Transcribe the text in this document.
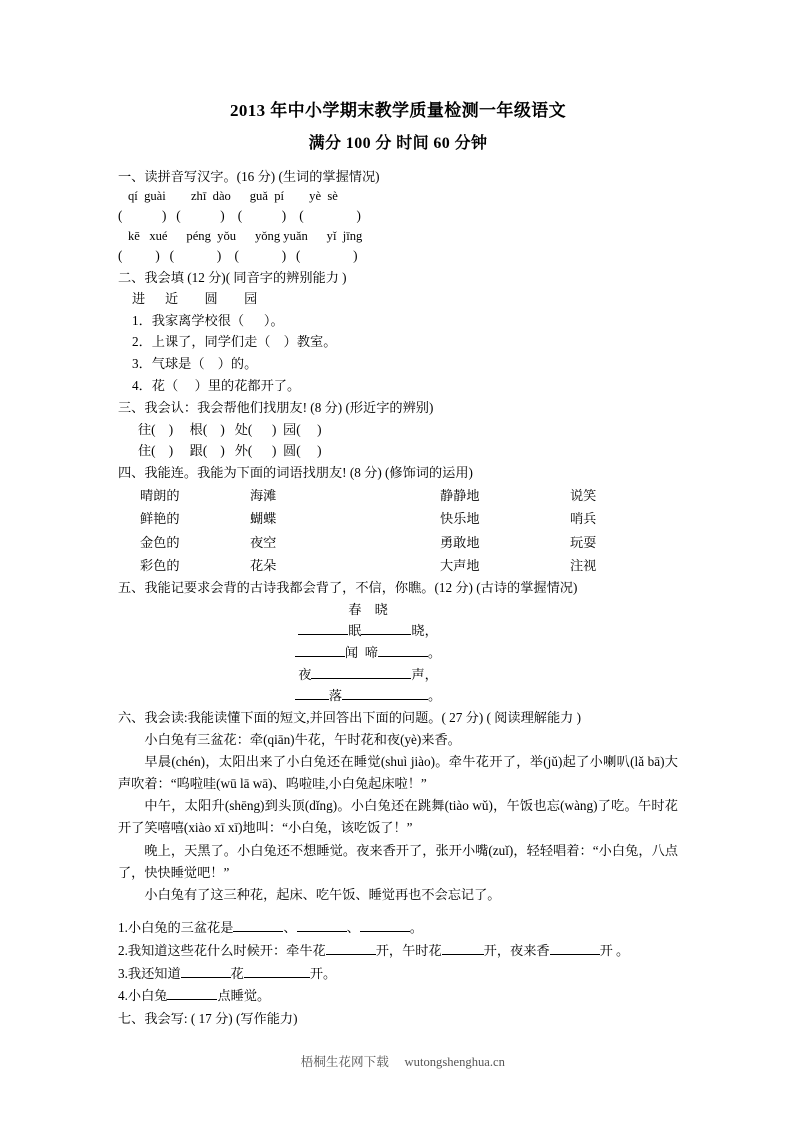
2013 年中小学期末教学质量检测一年级语文
满分 100 分 时间 60 分钟
一、读拼音写汉字。(16 分) (生词的掌握情况)
qí  guài        zhī  dào      guǎ  pí        yè  sè
(            )   (            )    (            )    (                )
kē   xué      péng  yǒu      yǒng yuǎn      yǐ  jīng
(          )   (             )    (             )   (                )
二、我会填 (12 分)( 同音字的辨别能力 )
进      近        圆        园
1．我家离学校很（      ）。
2．上课了，同学们走（    ）教室。
3．气球是（    ）的。
4．花（     ）里的花都开了。
三、我会认：我会帮他们找朋友! (8 分) (形近字的辨别)
往(    )     根(    )   处(      )  园(     )
住(    )     跟(    )   外(      )  圆(     )
四、我能连。我能为下面的词语找朋友! (8 分) (修饰词的运用)
晴朗的	海滩	静静地	说笑
鲜艳的	蝴蝶	快乐地	哨兵
金色的	夜空	勇敢地	玩耍
彩色的	花朵	大声地	注视
五、我能记要求会背的古诗我都会背了，不信，你瞧。(12 分) (古诗的掌握情况)
春    晓
眠	晓，
闻  啼	。
夜	声，
落	。
六、我会读:我能读懂下面的短文,并回答出下面的问题。( 27 分) ( 阅读理解能力 )
小白兔有三盆花：牵(qiān)牛花，午时花和夜(yè)来香。
早晨(chén)，太阳出来了小白兔还在睡觉(shuì jiào)。牵牛花开了，举(jǔ)起了小喇叭(lǎ bā)大声吹着：“呜啦哇(wū lā wā)、呜啦哇,小白兔起床啦！”
中午，太阳升(shēng)到头顶(dǐng)。小白兔还在跳舞(tiào wǔ)，午饭也忘(wàng)了吃。午时花开了笑嘻嘻(xiào xī xī)地叫：“小白兔，该吃饭了！”
晚上，天黑了。小白兔还不想睡觉。夜来香开了，张开小嘴(zuǐ)，轻轻唱着：“小白兔，八点了，快快睡觉吧！”
小白兔有了这三种花，起床、吃午饭、睡觉再也不会忘记了。
1.小白兔的三盆花是	、	、	。
2.我知道这些花什么时候开：牵牛花	开，午时花	开，夜来香	开 。
3.我还知道	花	开。
4.小白兔	点睡觉。
七、我会写: ( 17 分) (写作能力)

梧桐生花网下载 wutongshenghua.cn
